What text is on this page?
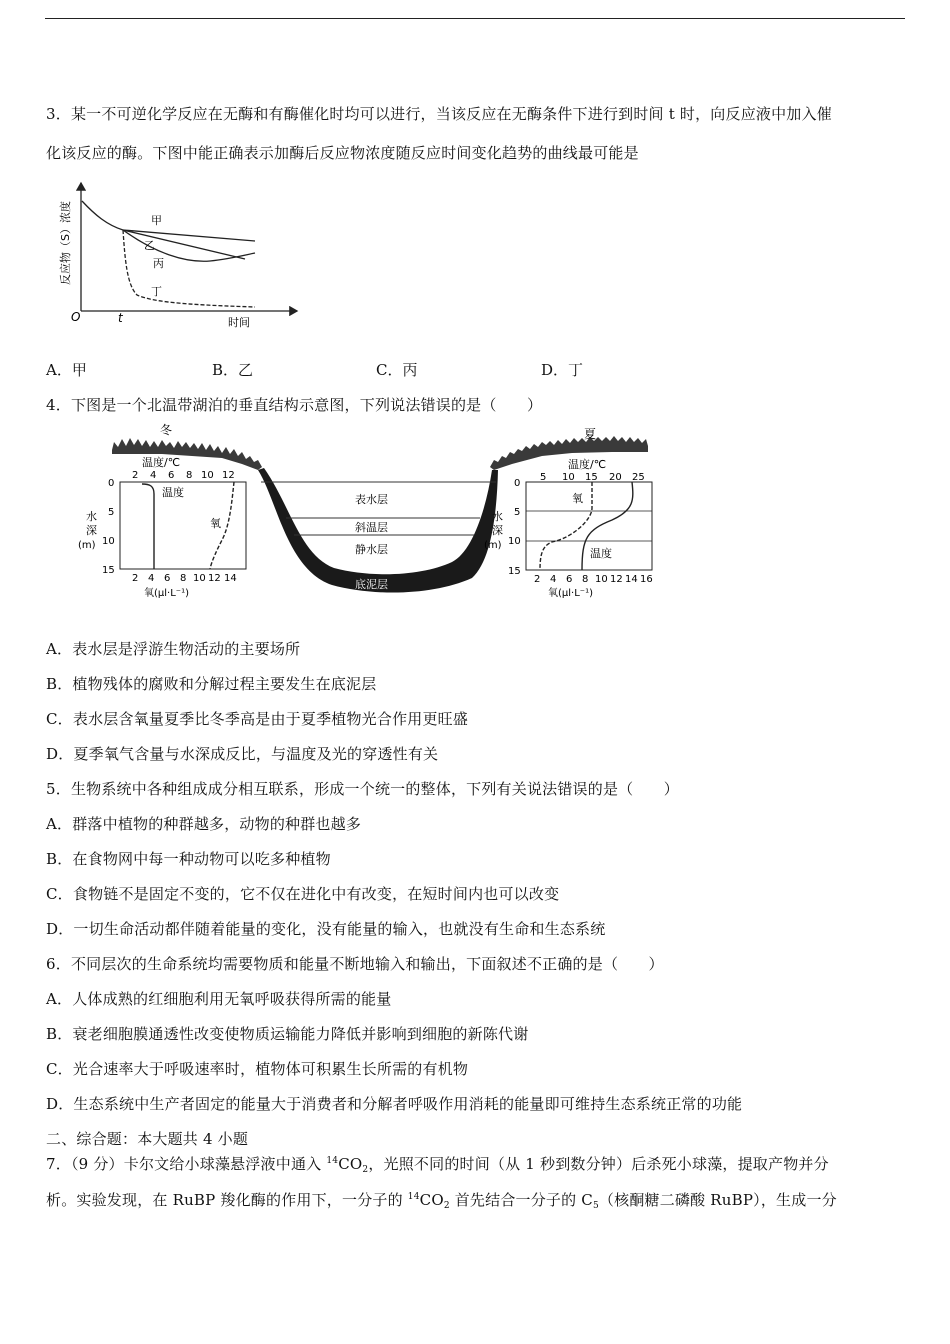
3．某一不可逆化学反应在无酶和有酶催化时均可以进行，当该反应在无酶条件下进行到时间 t 时，向反应液中加入催
化该反应的酶。下图中能正确表示加酶后反应物浓度随反应时间变化趋势的曲线最可能是
反应物（S）浓度
O	t	时间
甲
乙
丙
丁
A．甲	B．乙	C．丙	D．丁
4．下图是一个北温带湖泊的垂直结构示意图，下列说法错误的是（　　）
冬	夏
表水层
斜温层
静水层
底泥层
温度/℃
2 4 6 8 10 12
0
5
10
15
水
深
(m)
温度
氧
2 4 6 8 10 12 14
氧(μl·L⁻¹)
温度/℃
5 10 15 20 25
0
5
10
15
水
深
(m)
氧
温度
2 4 6 8 10 12 14 16
氧(μl·L⁻¹)
A．表水层是浮游生物活动的主要场所
B．植物残体的腐败和分解过程主要发生在底泥层
C．表水层含氧量夏季比冬季高是由于夏季植物光合作用更旺盛
D．夏季氧气含量与水深成反比，与温度及光的穿透性有关
5．生物系统中各种组成成分相互联系，形成一个统一的整体，下列有关说法错误的是（　　）
A．群落中植物的种群越多，动物的种群也越多
B．在食物网中每一种动物可以吃多种植物
C．食物链不是固定不变的，它不仅在进化中有改变，在短时间内也可以改变
D．一切生命活动都伴随着能量的变化，没有能量的输入，也就没有生命和生态系统
6．不同层次的生命系统均需要物质和能量不断地输入和输出，下面叙述不正确的是（　　）
A．人体成熟的红细胞利用无氧呼吸获得所需的能量
B．衰老细胞膜通透性改变使物质运输能力降低并影响到细胞的新陈代谢
C．光合速率大于呼吸速率时，植物体可积累生长所需的有机物
D．生态系统中生产者固定的能量大于消费者和分解者呼吸作用消耗的能量即可维持生态系统正常的功能
二、综合题：本大题共 4 小题
7．（9 分）卡尔文给小球藻悬浮液中通入 $^{14}CO_2$，光照不同的时间（从 1 秒到数分钟）后杀死小球藻，提取产物并分
析。实验发现，在 RuBP 羧化酶的作用下，一分子的 $^{14}CO_2$ 首先结合一分子的 $C_5$（核酮糖二磷酸 RuBP），生成一分
